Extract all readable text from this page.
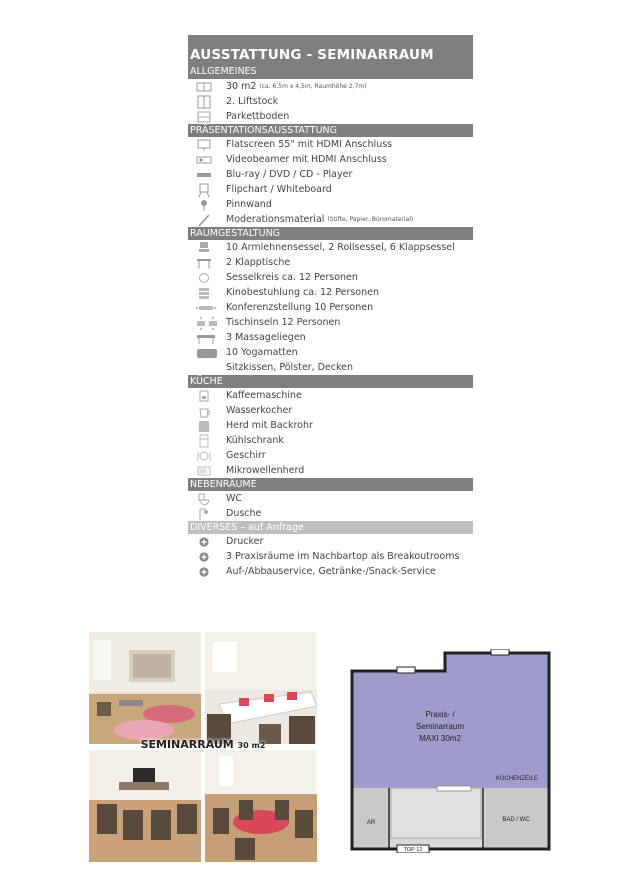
AUSSTATTUNG - SEMINARRAUM
ALLGEMEINES
30 m2 (ca. 6,5m x 4,5m, Raumhöhe 2,7m)
2. Liftstock
Parkettboden
PRÄSENTATIONSAUSSTATTUNG
Flatscreen 55" mit HDMI Anschluss
Videobeamer mit HDMI Anschluss
Blu-ray / DVD / CD - Player
Flipchart / Whiteboard
Pinnwand
Moderationsmaterial (Stifte, Papier, Büromaterial)
RAUMGESTALTUNG
10 Armlehnensessel, 2 Rollsessel, 6 Klappsessel
2 Klapptische
Sesselkreis ca. 12 Personen
Kinobestuhlung ca. 12 Personen
Konferenzstellung 10 Personen
Tischinseln 12 Personen
3 Massageliegen
10 Yogamatten
Sitzkissen, Pölster, Decken
KÜCHE
Kaffeemaschine
Wasserkocher
Herd mit Backrohr
Kühlschrank
Geschirr
Mikrowellenherd
NEBENRÄUME
WC
Dusche
DIVERSES – auf Anfrage
Drucker
3 Praxisräume im Nachbartop als Breakoutrooms
Auf-/Abbauservice, Getränke-/Snack-Service
SEMINARRAUM 30 m2
Praxis- /
Seminarraum
MAXI 30m2
KÜCHENZEILE
AR	BAD / WC
TOP 12
